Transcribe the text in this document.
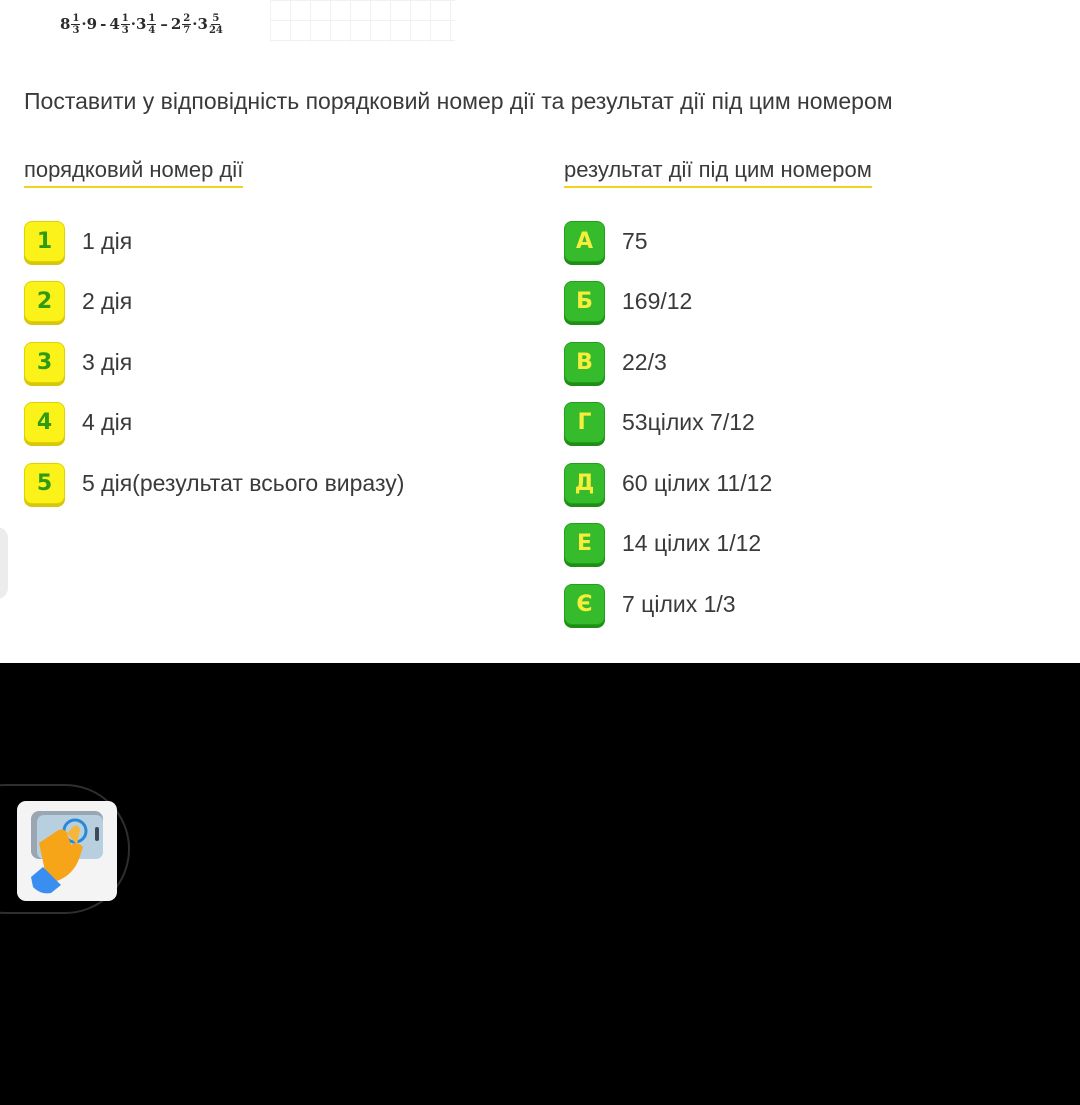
$8 \frac{1}{3} \cdot 9 - 4 \frac{1}{3} \cdot 3 \frac{1}{4} - 2 \frac{2}{7} \cdot 3 \frac{5}{24}$

Поставити у відповідність порядковий номер дії та результат дії під цим номером

порядковий номер дії	результат дії під цим номером
1	1 дія
2	2 дія
3	3 дія
4	4 дія
5	5 дія(результат всього виразу)
А	75
Б	169/12
В	22/3
Г	53цілих 7/12
Д	60 цілих 11/12
Е	14 цілих 1/12
Є	7 цілих 1/3
